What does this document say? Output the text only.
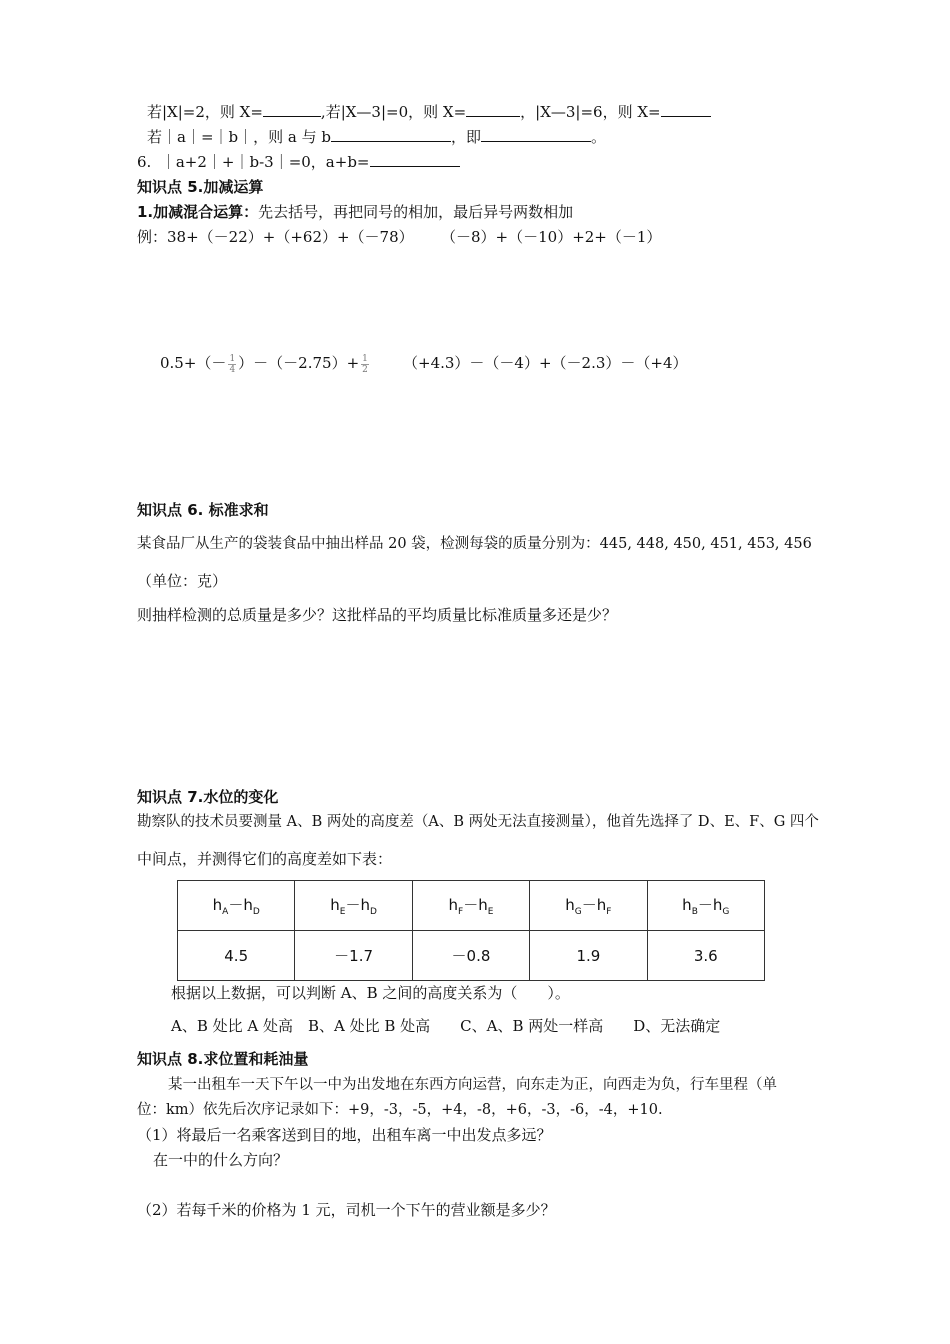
若|X|=2，则 X=	,若|X—3|=0，则 X=	，|X—3|=6，则 X=
若｜a｜=｜b｜，则 a 与 b	，即	。
6. ｜a+2｜+｜b-3｜=0，a+b=
知识点 5.加减运算
1.加减混合运算：先去括号，再把同号的相加，最后异号两数相加
例：38+（－22）+（+62）+（－78） （－8）+（－10）+2+（－1）
$0.5+(- \frac{1}{4} )-(-2.75)+ \frac{1}{2} (+4.3)-(-4)+(-2.3)-(+4)$
知识点 6. 标准求和
某食品厂从生产的袋装食品中抽出样品 20 袋，检测每袋的质量分别为：445, 448, 450, 451, 453, 456
（单位：克）
则抽样检测的总质量是多少？这批样品的平均质量比标准质量多还是少？
知识点 7.水位的变化
勘察队的技术员要测量 A、B 两处的高度差（A、B 两处无法直接测量），他首先选择了 D、E、F、G 四个
中间点，并测得它们的高度差如下表：
$h_A-h_D$	$h_E-h_D$	$h_F-h_E$	$h_G-h_F$	$h_B-h_G$
4.5	－1.7	－0.8	1.9	3.6
根据以上数据，可以判断 A、B 之间的高度关系为（　　）。
A、B 处比 A 处高　B、A 处比 B 处高　　C、A、B 两处一样高　　D、无法确定
知识点 8.求位置和耗油量
某一出租车一天下午以一中为出发地在东西方向运营，向东走为正，向西走为负，行车里程（单
位：km）依先后次序记录如下：+9，-3，-5，+4，-8，+6，-3，-6，-4，+10.
（1）将最后一名乘客送到目的地，出租车离一中出发点多远？
在一中的什么方向？
（2）若每千米的价格为 1 元，司机一个下午的营业额是多少？
